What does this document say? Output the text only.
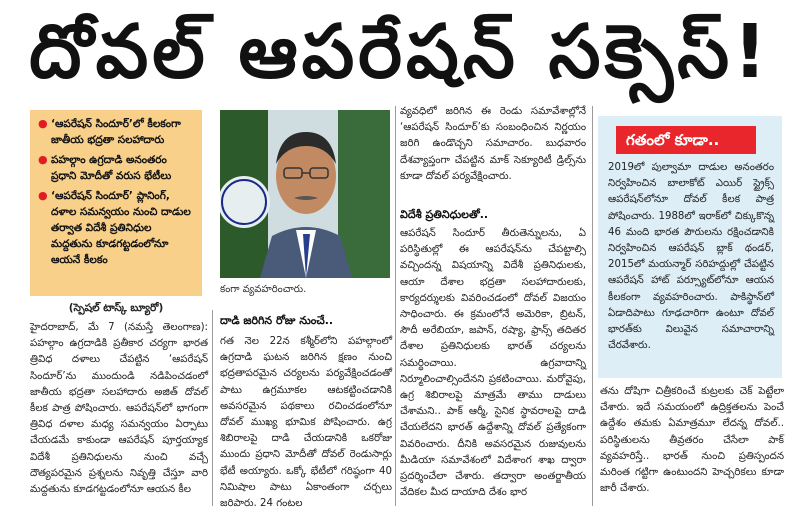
దోవల్ ఆపరేషన్ సక్సెస్!
● ‘ఆపరేషన్ సిందూర్’లో కీలకంగా జాతీయ భద్రతా సలహాదారు
● పహల్గాం ఉగ్రదాడి అనంతరం ప్రధాని మోదీతో వరుస భేటీలు
● ‘ఆపరేషన్ సిందూర్’ ప్లానింగ్, దళాల సమన్వయం నుంచి దాడుల తర్వాత విదేశీ ప్రతినిధుల మద్దతును కూడగట్టడంలోనూ ఆయనే కీలకం
(స్పెషల్ టాస్క్ బ్యూరో)
హైదరాబాద్, మే 7 (నమస్తే తెలంగాణ): పహల్గాం ఉగ్రదాడికి ప్రతీకార చర్యగా భారత త్రివిధ దళాలు చేపట్టిన ‘ఆపరేషన్ సిందూర్’ను ముందుండి నడిపించడంలో జాతీయ భద్రతా సలహాదారు అజిత్ దోవల్ కీలక పాత్ర పోషించారు. ఆపరేషన్‌లో భాగంగా త్రివిధ దళాల మధ్య సమన్వయం ఏర్పాటు చేయడమే కాకుండా ఆపరేషన్ పూర్తయ్యాక విదేశీ ప్రతినిధులను నుంచి వచ్చే దౌత్యపరమైన ప్రశ్నలను నివృత్తి చేస్తూ వారి మద్దతును కూడగట్టడంలోనూ ఆయన కీల
కంగా వ్యవహరించారు.
దాడి జరిగిన రోజు నుంచే..
గత నెల 22న కశ్మీర్‌లోని పహల్గాంలో ఉగ్రదాడి ఘటన జరిగిన క్షణం నుంచి భద్రతాపరమైన చర్యలను పర్యవేక్షించడంతో పాటు ఉగ్రమూకల ఆటకట్టించడానికి అవసరమైన పథకాలు రచించడంలోనూ దోవల్ ముఖ్య భూమిక పోషించారు. ఉగ్ర శిబిరాలపై దాడి చేయడానికి ఒకరోజు ముందు ప్రధాని మోదీతో దోవల్ రెండుసార్లు భేటీ అయ్యారు. ఒక్కో భేటీలో గరిష్ఠంగా 40 నిమిషాల పాటు ఏకాంతంగా చర్చలు జరిపారు. 24 గంటల
వ్యవధిలో జరిగిన ఈ రెండు సమావేశాల్లోనే ‘ఆపరేషన్ సిందూర్’కు సంబంధించిన నిర్ణయం జరిగి ఉండొచ్చని సమాచారం. బుధవారం దేశవ్యాప్తంగా చేపట్టిన మాక్ సెక్యూరిటీ డ్రిల్స్‌ను కూడా దోవల్ పర్యవేక్షించారు.
విదేశీ ప్రతినిధులతో..
ఆపరేషన్ సిందూర్ తీరుతెన్నులను, ఏ పరిస్థితుల్లో ఈ ఆపరేషన్‌ను చేపట్టాల్సి వచ్చిందన్న విషయాన్ని విదేశీ ప్రతినిధులకు, ఆయా దేశాల భద్రతా సలహాదారులకు, కార్యదర్శులకు వివరించడంలో దోవల్ విజయం సాధించారు. ఈ క్రమంలోనే అమెరికా, బ్రిటన్, సౌదీ అరేబియా, జపాన్, రష్యా, ఫ్రాన్స్ తదితర దేశాల ప్రతినిధులకు భారత్ చర్యలను సమర్థించాయి. ఉగ్రవాదాన్ని నిర్మూలించాల్సిందేనని ప్రకటించాయి. మరోవైపు, ఉగ్ర శిబిరాలపై మాత్రమే తాము దాడులు చేశామని.. పాక్ ఆర్మీ, సైనిక స్థావరాలపై దాడి చేయలేదని భారత్ ఉద్దేశాన్ని దోవల్ ప్రత్యేకంగా వివరించారు. దీనికి అవసరమైన రుజువులను మీడియా సమావేశంలో విదేశాంగ శాఖ ద్వారా ప్రదర్శించేలా చేశారు. తద్వారా అంతర్జాతీయ వేదికల మీద దాయాది దేశం భార
గతంలో కూడా..
2019లో పుల్వామా దాడుల అనంతరం నిర్వహించిన బాలాకోట్ ఎయిర్ స్ట్రైక్స్ ఆపరేషన్‌లోనూ దోవల్ కీలక పాత్ర పోషించారు. 1988లో ఇరాక్‌లో చిక్కుకొన్న 46 మంది భారత పౌరులను రక్షించడానికి నిర్వహించిన ఆపరేషన్ బ్లాక్ థండర్, 2015లో మయన్మార్ సరిహద్దుల్లో చేపట్టిన ఆపరేషన్ హాట్ పర్స్యూట్‌లోనూ ఆయన కీలకంగా వ్యవహరించారు. పాకిస్థాన్‌లో ఏడాదిపాటు గూఢచారిగా ఉంటూ దోవల్ భారత్‌కు విలువైన సమాచారాన్ని చేరవేశారు.
తను దోషిగా చిత్రీకరించే కుట్రలకు చెక్ పెట్టేలా చేశారు. ఇదే సమయంలో ఉద్రిక్తతలను పెంచే ఉద్దేశం తమకు ఏమాత్రమూ లేదన్న దోవల్.. పరిస్థితులను తీవ్రతరం చేసేలా పాక్ వ్యవహరిస్తే.. భారత్ నుంచి ప్రతిస్పందన మరింత గట్టిగా ఉంటుందని హెచ్చరికలు కూడా జారీ చేశారు.
